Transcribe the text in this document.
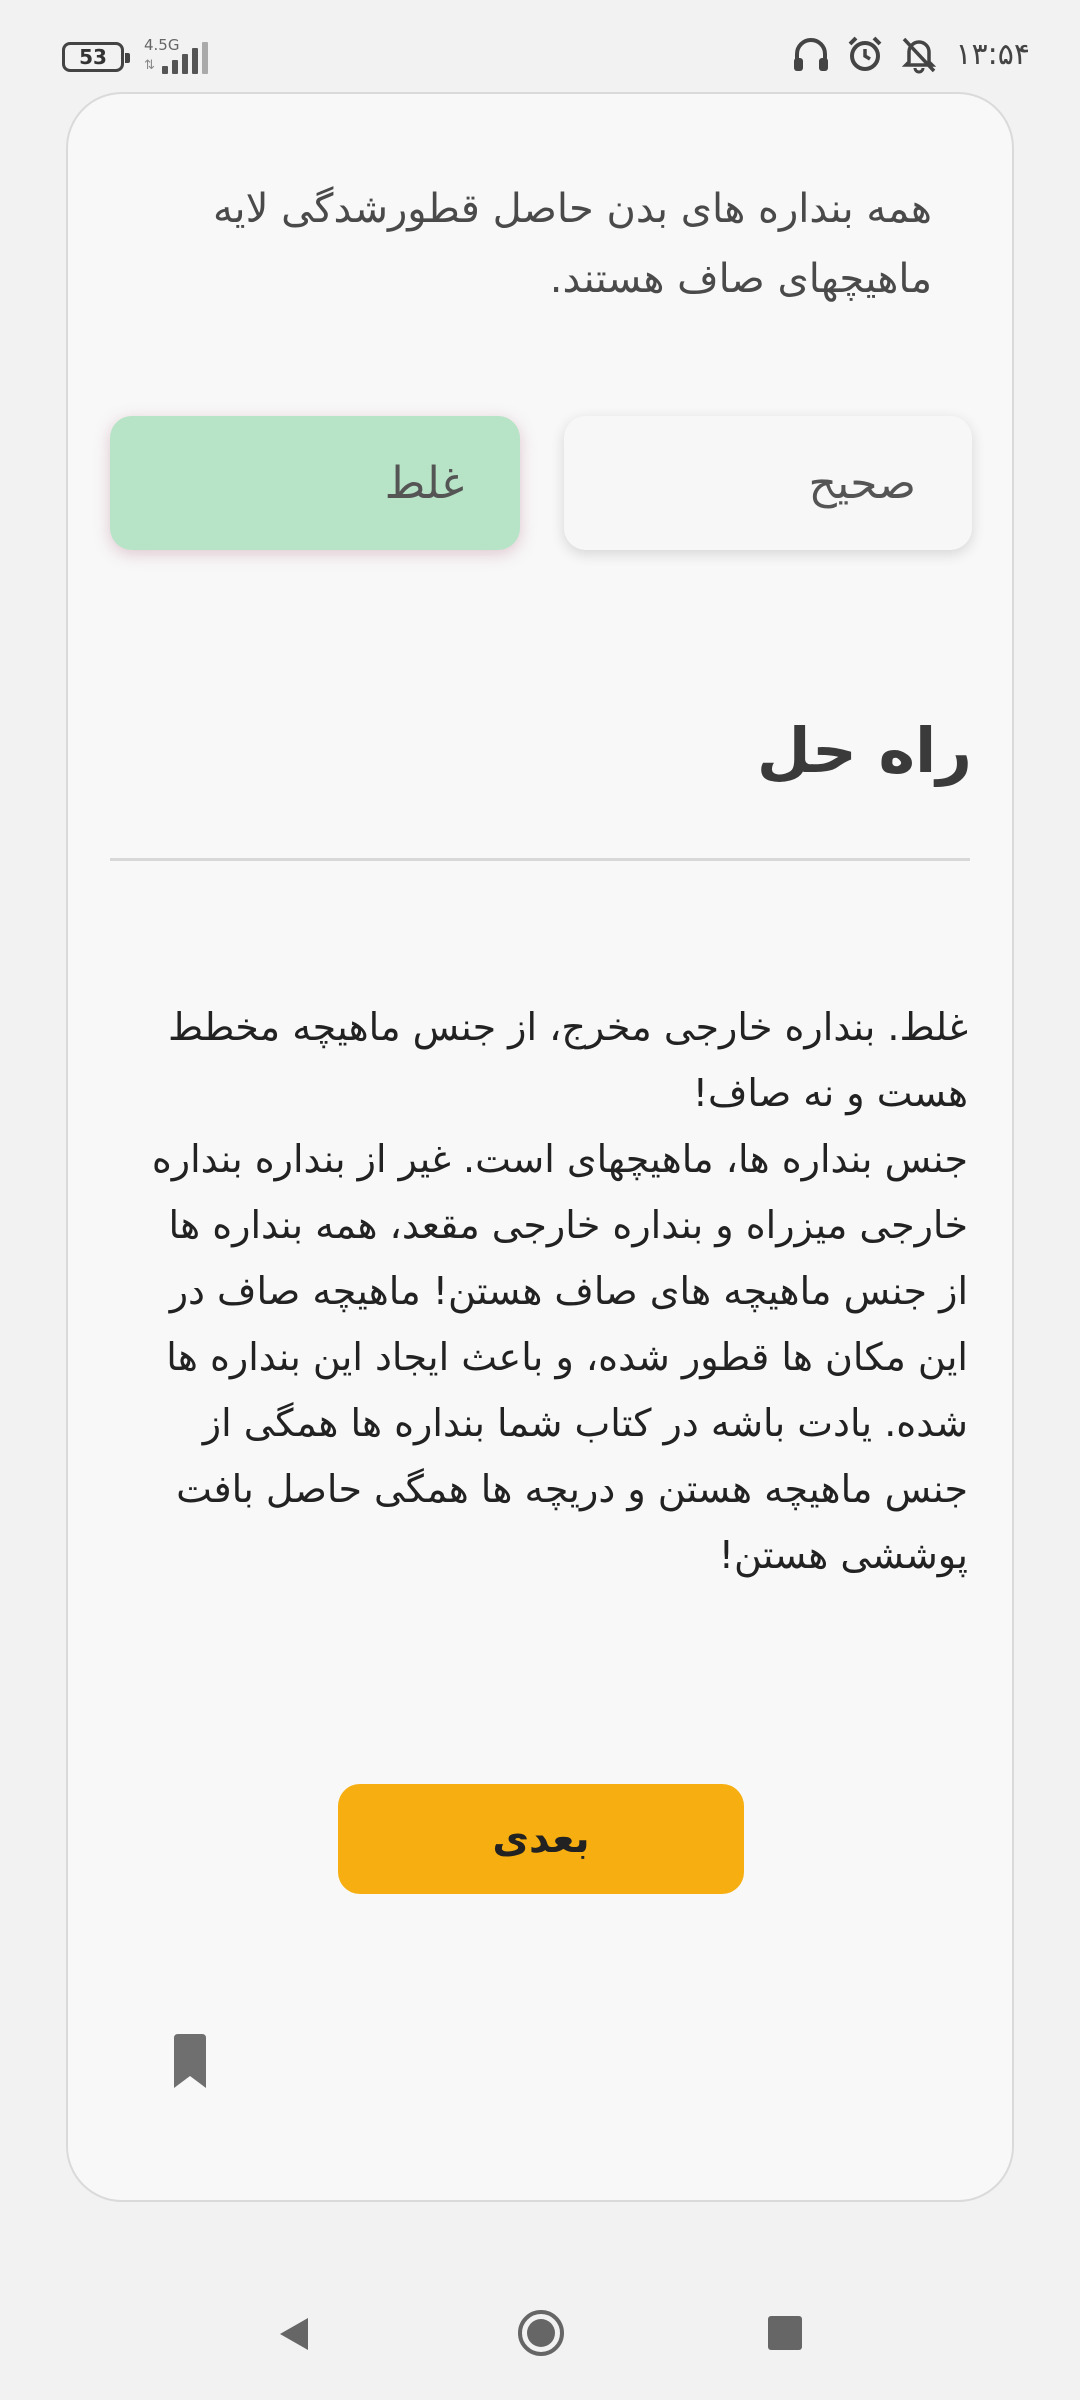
53 4.5G
⇅	۱۳:۵۴
همه بنداره های بدن حاصل قطورشدگی لایه ماهیچهای صاف هستند.
صحیح
غلط
راه حل
غلط. بنداره خارجی مخرج، از جنس ماهیچه مخطط هست و نه صاف!
جنس بنداره ها، ماهیچهای است. غیر از بنداره بنداره خارجی میزراه و بنداره خارجی مقعد، همه بنداره ها از جنس ماهیچه های صاف هستن! ماهیچه صاف در این مکان ها قطور شده، و باعث ایجاد این بنداره ها شده. یادت باشه در کتاب شما بنداره ها همگی از جنس ماهیچه هستن و دریچه ها همگی حاصل بافت پوششی هستن!
بعدی
